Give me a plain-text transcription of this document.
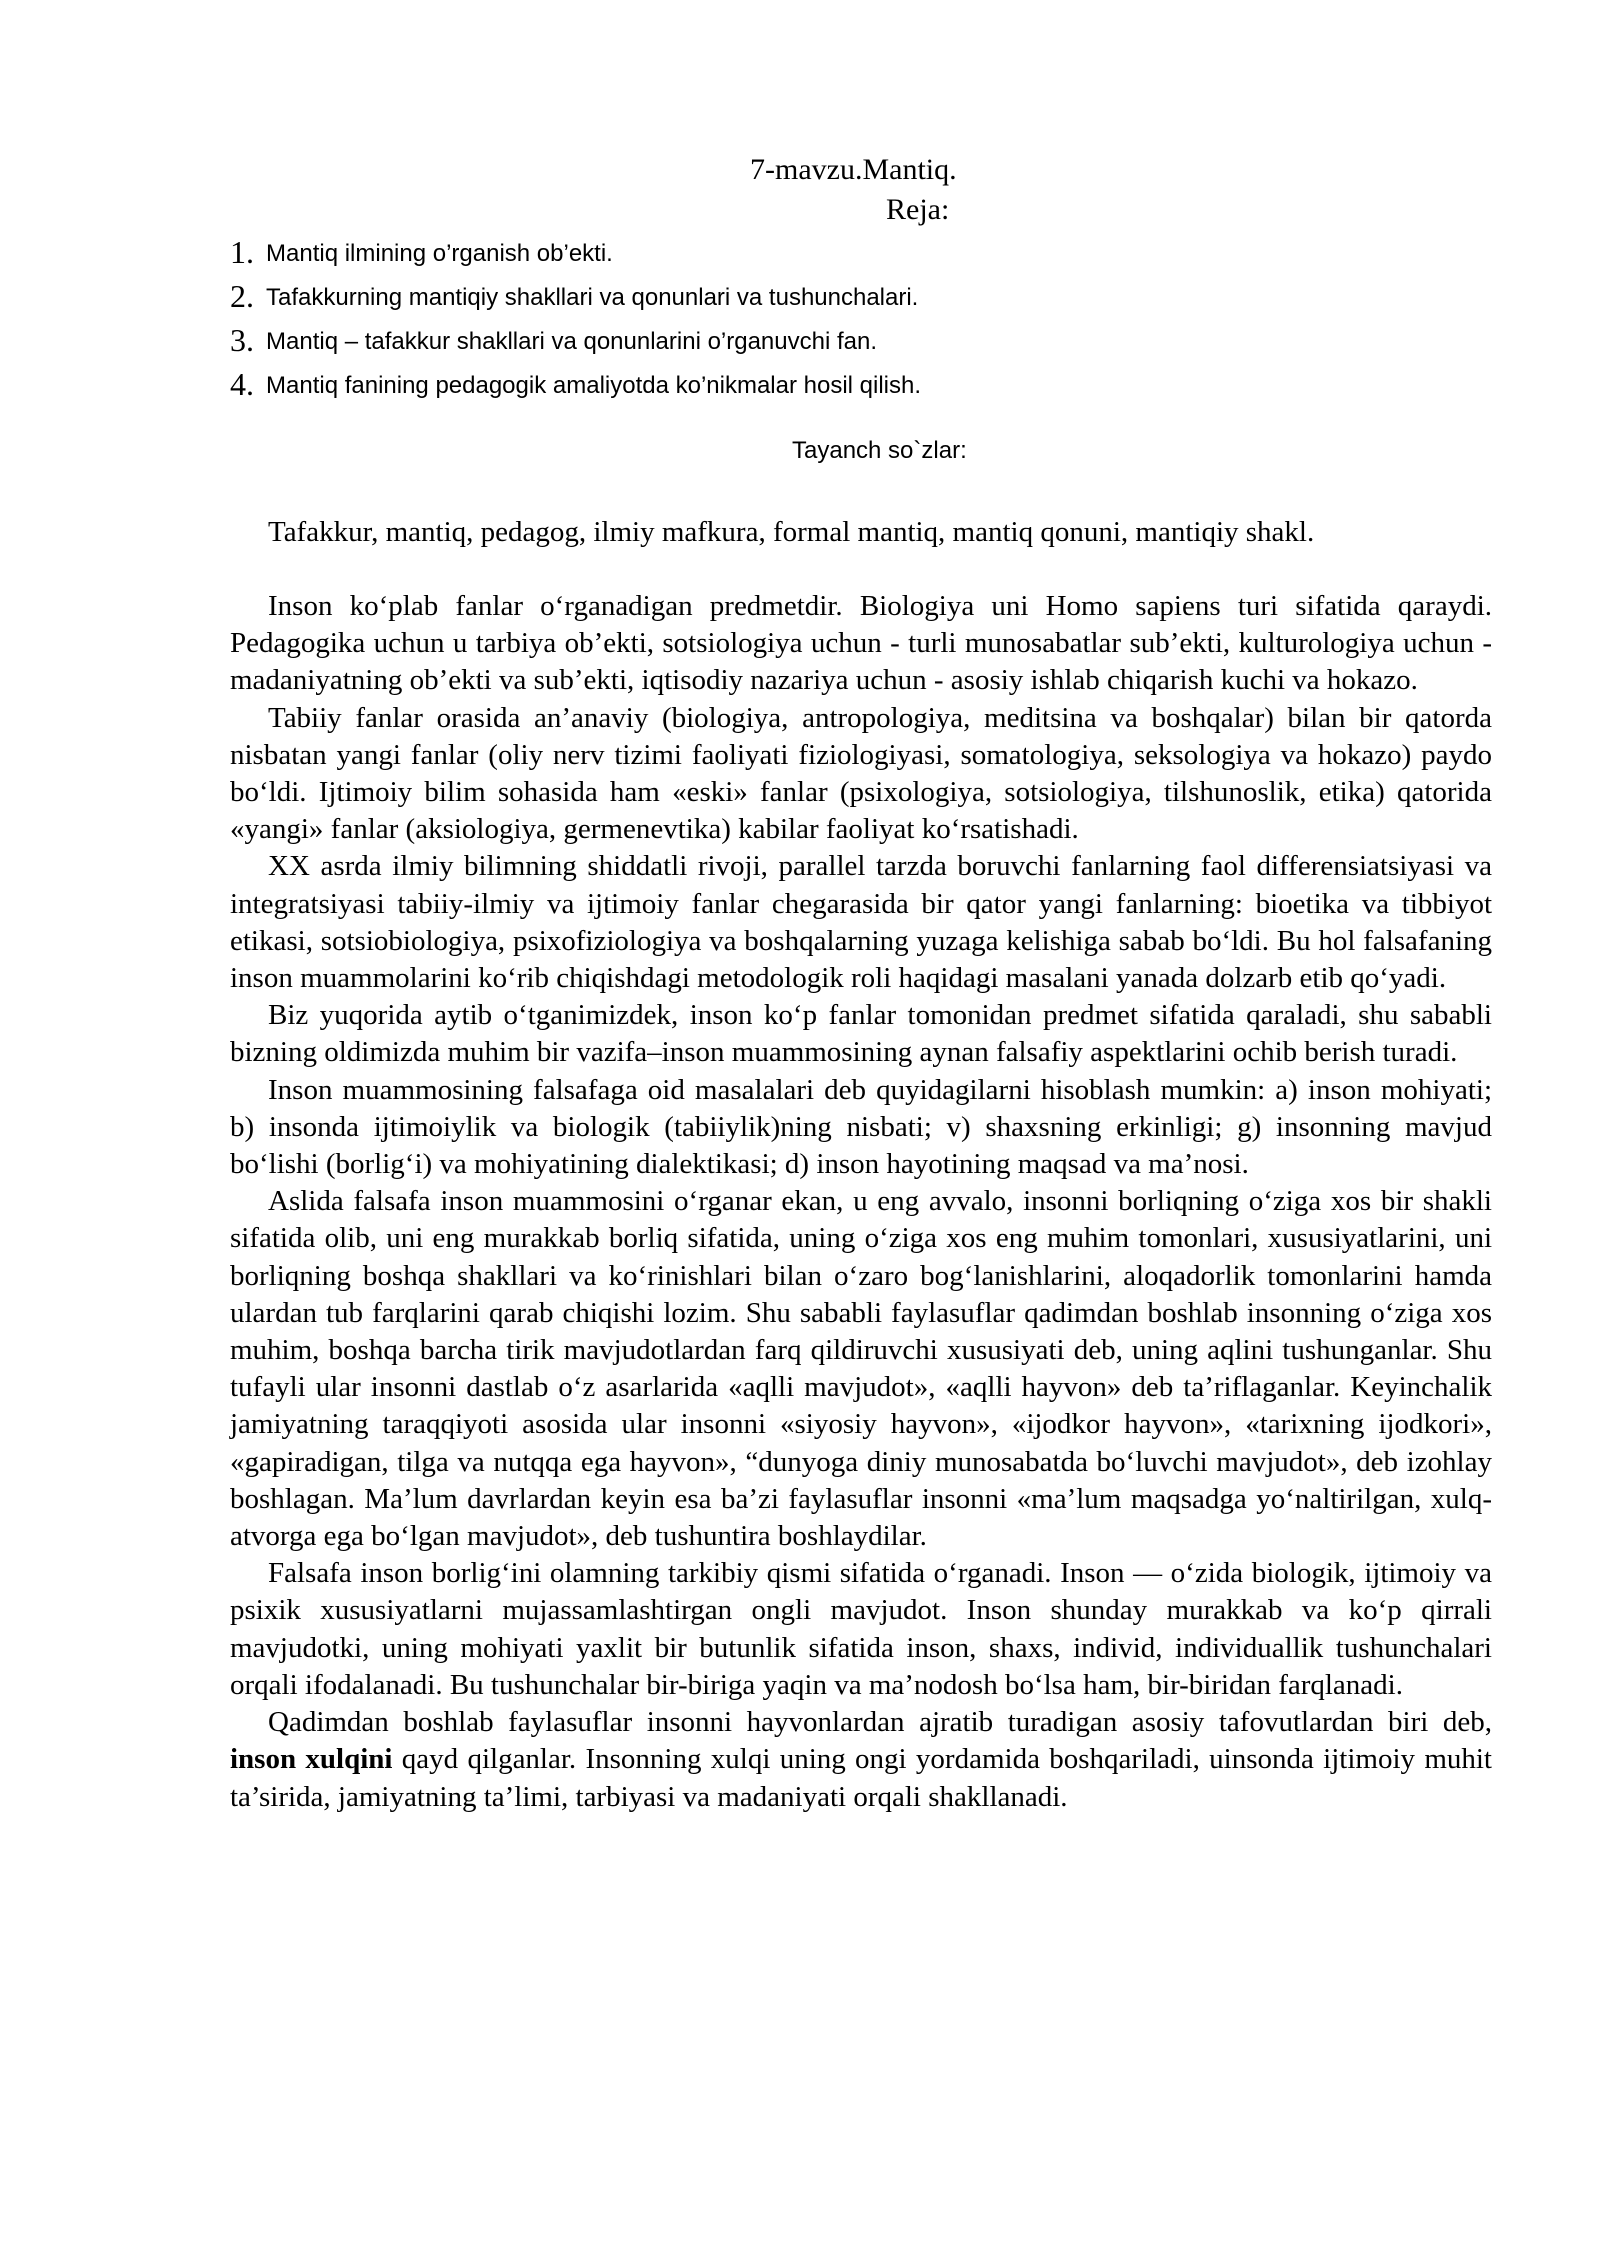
7-mavzu.Mantiq.
Reja:
1. Mantiq ilmining o’rganish ob’ekti.
2. Tafakkurning mantiqiy shakllari va qonunlari va tushunchalari.
3. Mantiq – tafakkur shakllari va qonunlarini o’rganuvchi fan.
4. Mantiq fanining pedagogik amaliyotda ko’nikmalar hosil qilish.
Tayanch so`zlar:
Tafakkur, mantiq, pedagog, ilmiy mafkura, formal mantiq, mantiq qonuni, mantiqiy shakl.

Inson ko‘plab fanlar o‘rganadigan predmetdir. Biologiya uni Homo sapiens turi sifatida qaraydi. Pedagogika uchun u tarbiya ob’ekti, sotsiologiya uchun - turli munosabatlar sub’ekti, kulturologiya uchun - madaniyatning ob’ekti va sub’ekti, iqtisodiy nazariya uchun - asosiy ishlab chiqarish kuchi va hokazo.

Tabiiy fanlar orasida an’anaviy (biologiya, antropologiya, meditsina va boshqalar) bilan bir qatorda nisbatan yangi fanlar (oliy nerv tizimi faoliyati fiziologiyasi, somatologiya, seksologiya va hokazo) paydo bo‘ldi. Ijtimoiy bilim sohasida ham «eski» fanlar (psixologiya, sotsiologiya, tilshunoslik, etika) qatorida «yangi» fanlar (aksiologiya, germenevtika) kabilar faoliyat ko‘rsatishadi.

XX asrda ilmiy bilimning shiddatli rivoji, parallel tarzda boruvchi fanlarning faol differensiatsiyasi va integratsiyasi tabiiy-ilmiy va ijtimoiy fanlar chegarasida bir qator yangi fanlarning: bioetika va tibbiyot etikasi, sotsiobiologiya, psixofiziologiya va boshqalarning yuzaga kelishiga sabab bo‘ldi. Bu hol falsafaning inson muammolarini ko‘rib chiqishdagi metodologik roli haqidagi masalani yanada dolzarb etib qo‘yadi.

Biz yuqorida aytib o‘tganimizdek, inson ko‘p fanlar tomonidan predmet sifatida qaraladi, shu sababli bizning oldimizda muhim bir vazifa–inson muammosining aynan falsafiy aspektlarini ochib berish turadi.

Inson muammosining falsafaga oid masalalari deb quyidagilarni hisoblash mumkin: a) inson mohiyati; b) insonda ijtimoiylik va biologik (tabiiylik)ning nisbati; v) shaxsning erkinligi; g) insonning mavjud bo‘lishi (borlig‘i) va mohiyatining dialektikasi; d) inson hayotining maqsad va ma’nosi.

Aslida falsafa inson muammosini o‘rganar ekan, u eng avvalo, insonni borliqning o‘ziga xos bir shakli sifatida olib, uni eng murakkab borliq sifatida, uning o‘ziga xos eng muhim tomonlari, xususiyatlarini, uni borliqning boshqa shakllari va ko‘rinishlari bilan o‘zaro bog‘lanishlarini, aloqadorlik tomonlarini hamda ulardan tub farqlarini qarab chiqishi lozim. Shu sababli faylasuflar qadimdan boshlab insonning o‘ziga xos muhim, boshqa barcha tirik mavjudotlardan farq qildiruvchi xususiyati deb, uning aqlini tushunganlar. Shu tufayli ular insonni dastlab o‘z asarlarida «aqlli mavjudot», «aqlli hayvon» deb ta’riflaganlar. Keyinchalik jamiyatning taraqqiyoti asosida ular insonni «siyosiy hayvon», «ijodkor hayvon», «tarixning ijodkori», «gapiradigan, tilga va nutqqa ega hayvon», “dunyoga diniy munosabatda bo‘luvchi mavjudot», deb izohlay boshlagan. Ma’lum davrlardan keyin esa ba’zi faylasuflar insonni «ma’lum maqsadga yo‘naltirilgan, xulq-atvorga ega bo‘lgan mavjudot», deb tushuntira boshlaydilar.

Falsafa inson borlig‘ini olamning tarkibiy qismi sifatida o‘rganadi. Inson — o‘zida biologik, ijtimoiy va psixik xususiyatlarni mujassamlashtirgan ongli mavjudot. Inson shunday murakkab va ko‘p qirrali mavjudotki, uning mohiyati yaxlit bir butunlik sifatida inson, shaxs, individ, individuallik tushunchalari orqali ifodalanadi. Bu tushunchalar bir-biriga yaqin va ma’nodosh bo‘lsa ham, bir-biridan farqlanadi.

Qadimdan boshlab faylasuflar insonni hayvonlardan ajratib turadigan asosiy tafovutlardan biri deb, inson xulqini qayd qilganlar. Insonning xulqi uning ongi yordamida boshqariladi, uinsonda ijtimoiy muhit ta’sirida, jamiyatning ta’limi, tarbiyasi va madaniyati orqali shakllanadi.
